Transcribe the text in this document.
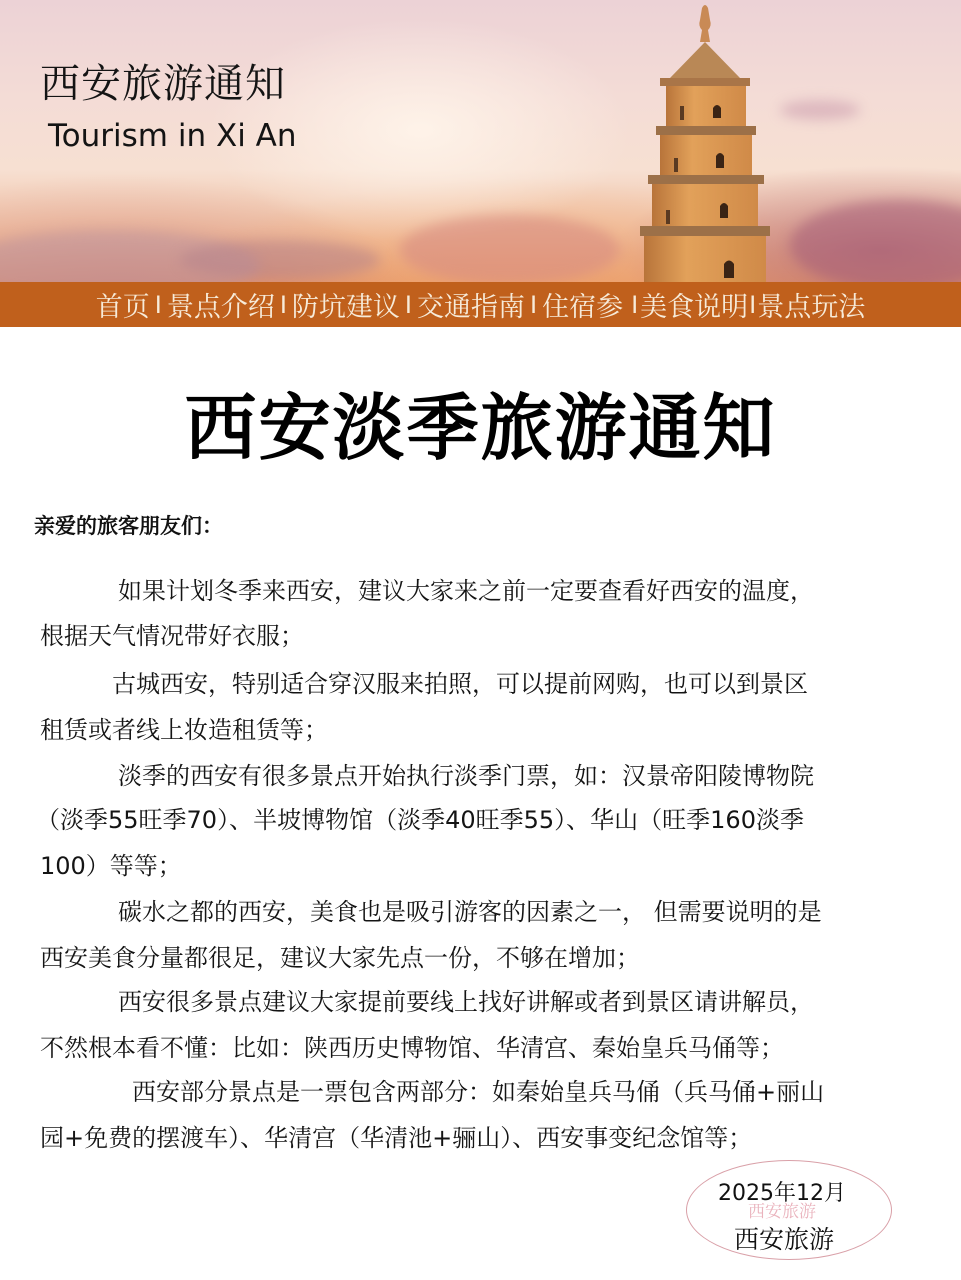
西安旅游通知
Tourism in Xi An
首页 I 景点介绍 I 防坑建议 I 交通指南 I 住宿参 I 美食说明 I 景点玩法
西安淡季旅游通知
亲爱的旅客朋友们：
如果计划冬季来西安，建议大家来之前一定要查看好西安的温度，
根据天气情况带好衣服；
古城西安，特别适合穿汉服来拍照，可以提前网购，也可以到景区
租赁或者线上妆造租赁等；
淡季的西安有很多景点开始执行淡季门票，如：汉景帝阳陵博物院
（淡季55旺季70）、半坡博物馆（淡季40旺季55）、华山（旺季160淡季
100）等等；
碳水之都的西安，美食也是吸引游客的因素之一， 但需要说明的是
西安美食分量都很足，建议大家先点一份，不够在增加；
西安很多景点建议大家提前要线上找好讲解或者到景区请讲解员，
不然根本看不懂：比如：陕西历史博物馆、华清宫、秦始皇兵马俑等；
西安部分景点是一票包含两部分：如秦始皇兵马俑（兵马俑+丽山
园+免费的摆渡车）、华清宫（华清池+骊山）、西安事变纪念馆等；
2025年12月
西安旅游
西安旅游
